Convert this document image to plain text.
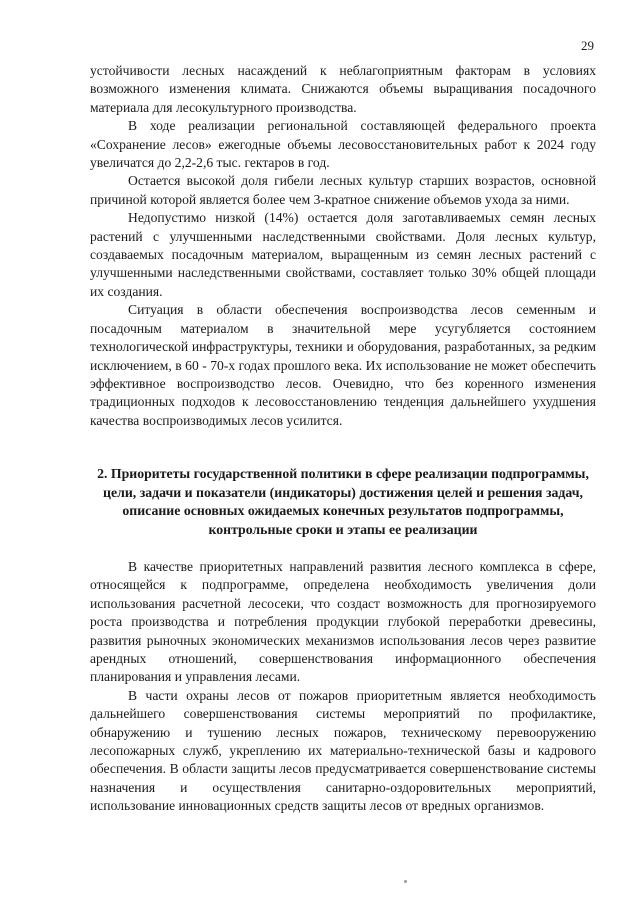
29

устойчивости лесных насаждений к неблагоприятным факторам в условиях возможного изменения климата. Снижаются объемы выращивания посадочного материала для лесокультурного производства.

В ходе реализации региональной составляющей федерального проекта «Сохранение лесов» ежегодные объемы лесовосстановительных работ к 2024 году увеличатся до 2,2-2,6 тыс. гектаров в год.

Остается высокой доля гибели лесных культур старших возрастов, основной причиной которой является более чем 3-кратное снижение объемов ухода за ними.

Недопустимо низкой (14%) остается доля заготавливаемых семян лесных растений с улучшенными наследственными свойствами. Доля лесных культур, создаваемых посадочным материалом, выращенным из семян лесных растений с улучшенными наследственными свойствами, составляет только 30% общей площади их создания.

Ситуация в области обеспечения воспроизводства лесов семенным и посадочным материалом в значительной мере усугубляется состоянием технологической инфраструктуры, техники и оборудования, разработанных, за редким исключением, в 60 - 70-х годах прошлого века. Их использование не может обеспечить эффективное воспроизводство лесов. Очевидно, что без коренного изменения традиционных подходов к лесовосстановлению тенденция дальнейшего ухудшения качества воспроизводимых лесов усилится.

2. Приоритеты государственной политики в сфере реализации подпрограммы, цели, задачи и показатели (индикаторы) достижения целей и решения задач, описание основных ожидаемых конечных результатов подпрограммы, контрольные сроки и этапы ее реализации

В качестве приоритетных направлений развития лесного комплекса в сфере, относящейся к подпрограмме, определена необходимость увеличения доли использования расчетной лесосеки, что создаст возможность для прогнозируемого роста производства и потребления продукции глубокой переработки древесины, развития рыночных экономических механизмов использования лесов через развитие арендных отношений, совершенствования информационного обеспечения планирования и управления лесами.

В части охраны лесов от пожаров приоритетным является необходимость дальнейшего совершенствования системы мероприятий по профилактике, обнаружению и тушению лесных пожаров, техническому перевооружению лесопожарных служб, укреплению их материально-технической базы и кадрового обеспечения. В области защиты лесов предусматривается совершенствование системы назначения и осуществления санитарно-оздоровительных мероприятий, использование инновационных средств защиты лесов от вредных организмов.
